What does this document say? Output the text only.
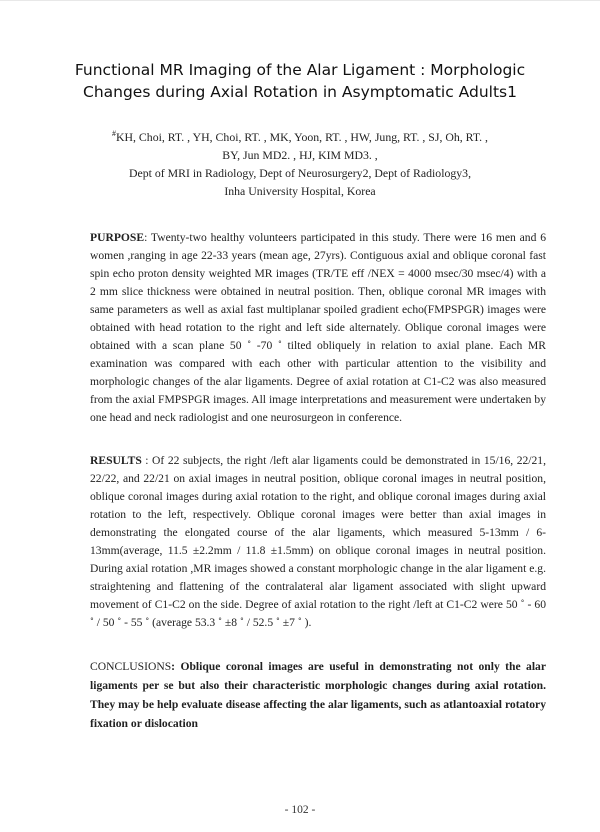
Functional MR Imaging of the Alar Ligament : Morphologic
Changes during Axial Rotation in Asymptomatic Adults1
#KH, Choi, RT. , YH, Choi, RT. , MK, Yoon, RT. , HW, Jung, RT. , SJ, Oh, RT. ,
BY, Jun MD2. , HJ, KIM MD3. ,
Dept of MRI in Radiology, Dept of Neurosurgery2, Dept of Radiology3,
Inha University Hospital, Korea
PURPOSE: Twenty-two healthy volunteers participated in this study. There were 16 men and 6 women ,ranging in age 22-33 years (mean age, 27yrs). Contiguous axial and oblique coronal fast spin echo proton density weighted MR images (TR/TE eff /NEX = 4000 msec/30 msec/4) with a 2 mm slice thickness were obtained in neutral position. Then, oblique coronal MR images with same parameters as well as axial fast multiplanar spoiled gradient echo(FMPSPGR) images were obtained with head rotation to the right and left side alternately. Oblique coronal images were obtained with a scan plane 50 ˚ -70 ˚ tilted obliquely in relation to axial plane. Each MR examination was compared with each other with particular attention to the visibility and morphologic changes of the alar ligaments. Degree of axial rotation at C1-C2 was also measured from the axial FMPSPGR images. All image interpretations and measurement were undertaken by one head and neck radiologist and one neurosurgeon in conference.
RESULTS : Of 22 subjects, the right /left alar ligaments could be demonstrated in 15/16, 22/21, 22/22, and 22/21 on axial images in neutral position, oblique coronal images in neutral position, oblique coronal images during axial rotation to the right, and oblique coronal images during axial rotation to the left, respectively. Oblique coronal images were better than axial images in demonstrating the elongated course of the alar ligaments, which measured 5-13mm / 6-13mm(average, 11.5 ±2.2mm / 11.8 ±1.5mm) on oblique coronal images in neutral position. During axial rotation ,MR images showed a constant morphologic change in the alar ligament e.g. straightening and flattening of the contralateral alar ligament associated with slight upward movement of C1-C2 on the side. Degree of axial rotation to the right /left at C1-C2 were 50 ˚ - 60 ˚ / 50 ˚ - 55 ˚ (average 53.3 ˚ ±8 ˚ / 52.5 ˚ ±7 ˚ ).
CONCLUSIONS: Oblique coronal images are useful in demonstrating not only the alar ligaments per se but also their characteristic morphologic changes during axial rotation. They may be help evaluate disease affecting the alar ligaments, such as atlantoaxial rotatory fixation or dislocation
- 102 -
